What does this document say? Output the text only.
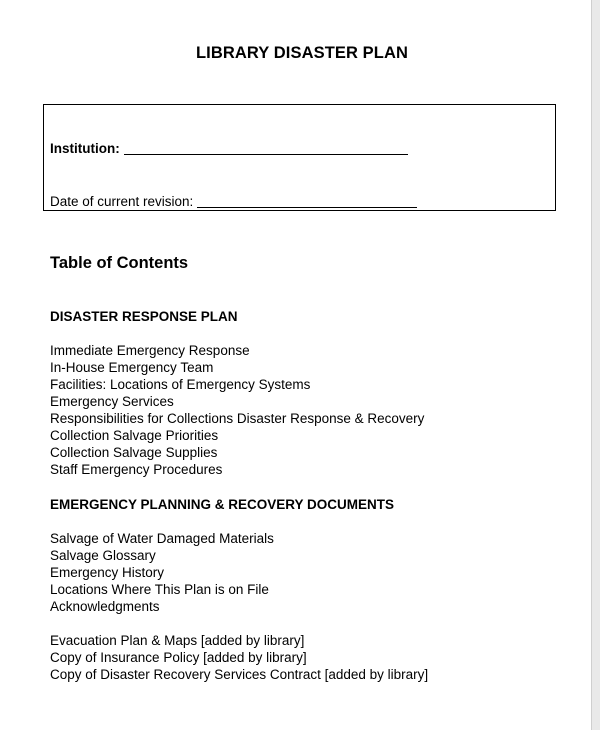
LIBRARY DISASTER PLAN
Institution:
Date of current revision:
Table of Contents
DISASTER RESPONSE PLAN
Immediate Emergency Response
In-House Emergency Team
Facilities: Locations of Emergency Systems
Emergency Services
Responsibilities for Collections Disaster Response & Recovery
Collection Salvage Priorities
Collection Salvage Supplies
Staff Emergency Procedures
EMERGENCY PLANNING & RECOVERY DOCUMENTS
Salvage of Water Damaged Materials
Salvage Glossary
Emergency History
Locations Where This Plan is on File
Acknowledgments
Evacuation Plan & Maps [added by library]
Copy of Insurance Policy [added by library]
Copy of Disaster Recovery Services Contract [added by library]
